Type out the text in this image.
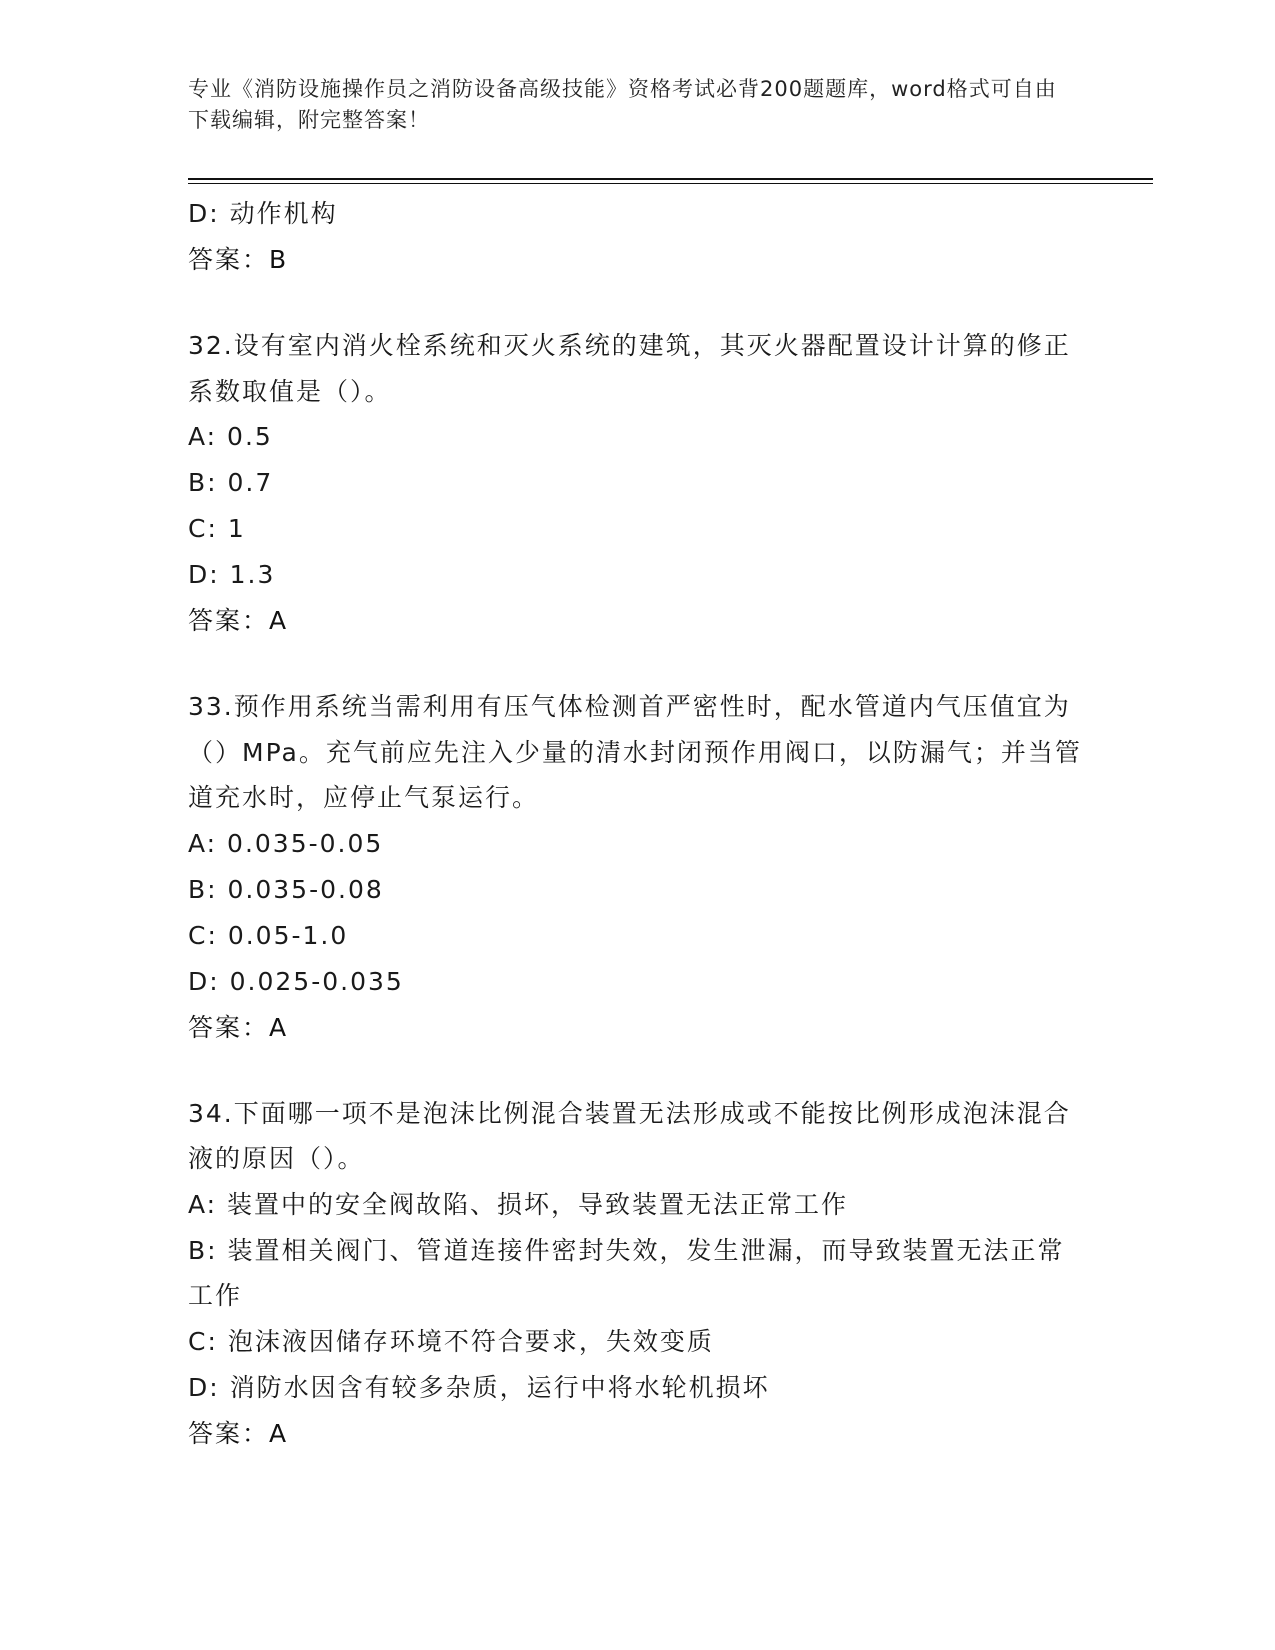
专业《消防设施操作员之消防设备高级技能》资格考试必背200题题库，word格式可自由下载编辑，附完整答案！
D: 动作机构
答案：B
32.设有室内消火栓系统和灭火系统的建筑，其灭火器配置设计计算的修正系数取值是（）。
A: 0.5
B: 0.7
C: 1
D: 1.3
答案：A
33.预作用系统当需利用有压气体检测首严密性时，配水管道内气压值宜为（）MPa。充气前应先注入少量的清水封闭预作用阀口，以防漏气；并当管道充水时，应停止气泵运行。
A: 0.035-0.05
B: 0.035-0.08
C: 0.05-1.0
D: 0.025-0.035
答案：A
34.下面哪一项不是泡沫比例混合装置无法形成或不能按比例形成泡沫混合液的原因（）。
A: 装置中的安全阀故陷、损坏，导致装置无法正常工作
B: 装置相关阀门、管道连接件密封失效，发生泄漏，而导致装置无法正常工作
C: 泡沫液因储存环境不符合要求，失效变质
D: 消防水因含有较多杂质，运行中将水轮机损坏
答案：A
